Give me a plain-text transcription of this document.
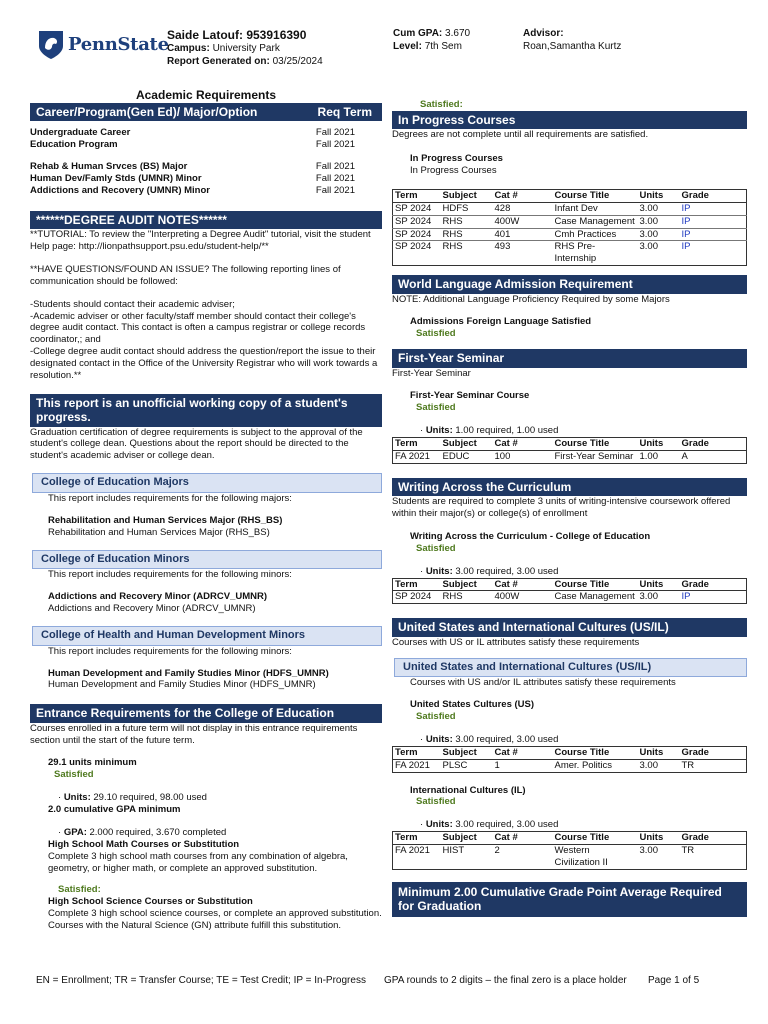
PennState
Saide Latouf: 953916390
Campus: University Park
Report Generated on: 03/25/2024
Cum GPA: 3.670
Level: 7th Sem
Advisor:
Roan,Samantha Kurtz
Academic Requirements
Career/Program(Gen Ed)/ Major/Option	Req Term
Undergraduate Career	Fall 2021
Education Program	Fall 2021
Rehab & Human Srvces (BS) Major	Fall 2021
Human Dev/Famly Stds (UMNR) Minor	Fall 2021
Addictions and Recovery (UMNR) Minor	Fall 2021
******DEGREE AUDIT NOTES******
**TUTORIAL: To review the "Interpreting a Degree Audit" tutorial, visit the student Help page: http://lionpathsupport.psu.edu/student-help/**
**HAVE QUESTIONS/FOUND AN ISSUE? The following reporting lines of communication should be followed:
-Students should contact their academic adviser;
-Academic adviser or other faculty/staff member should contact their college's degree audit contact. This contact is often a campus registrar or college records coordinator,; and
-College degree audit contact should address the question/report the issue to their designated contact in the Office of the University Registrar who will work towards a resolution.**
This report is an unofficial working copy of a student's progress.
Graduation certification of degree requirements is subject to the approval of the student's college dean. Questions about the report should be directed to the student's academic adviser or college dean.
College of Education Majors
This report includes requirements for the following majors:
Rehabilitation and Human Services Major (RHS_BS)
Rehabilitation and Human Services Major (RHS_BS)
College of Education Minors
This report includes requirements for the following minors:
Addictions and Recovery Minor (ADRCV_UMNR)
Addictions and Recovery Minor (ADRCV_UMNR)
College of Health and Human Development Minors
This report includes requirements for the following minors:
Human Development and Family Studies Minor (HDFS_UMNR)
Human Development and Family Studies Minor (HDFS_UMNR)
Entrance Requirements for the College of Education
Courses enrolled in a future term will not display in this entrance requirements section until the start of the future term.
29.1 units minimum
Satisfied
· Units: 29.10 required, 98.00 used
2.0 cumulative GPA minimum
· GPA: 2.000 required, 3.670 completed
High School Math Courses or Substitution
Complete 3 high school math courses from any combination of algebra, geometry, or higher math, or complete an approved substitution.
Satisfied:
High School Science Courses or Substitution
Complete 3 high school science courses, or complete an approved substitution. Courses with the Natural Science (GN) attribute fulfill this substitution.
Satisfied:
In Progress Courses
Degrees are not complete until all requirements are satisfied.
In Progress Courses
In Progress Courses
Term	Subject	Cat #	Course Title	Units	Grade
SP 2024	HDFS	428	Infant Dev	3.00	IP
SP 2024	RHS	400W	Case Management	3.00	IP
SP 2024	RHS	401	Cmh Practices	3.00	IP
SP 2024	RHS	493	RHS Pre-Internship	3.00	IP
World Language Admission Requirement
NOTE: Additional Language Proficiency Required by some Majors
Admissions Foreign Language Satisfied
Satisfied
First-Year Seminar
First-Year Seminar
First-Year Seminar Course
Satisfied
· Units: 1.00 required, 1.00 used
Term	Subject	Cat #	Course Title	Units	Grade
FA 2021	EDUC	100	First-Year Seminar	1.00	A
Writing Across the Curriculum
Students are required to complete 3 units of writing-intensive coursework offered within their major(s) or college(s) of enrollment
Writing Across the Curriculum - College of Education
Satisfied
· Units: 3.00 required, 3.00 used
Term	Subject	Cat #	Course Title	Units	Grade
SP 2024	RHS	400W	Case Management	3.00	IP
United States and International Cultures (US/IL)
Courses with US or IL attributes satisfy these requirements
United States and International Cultures (US/IL)
Courses with US and/or IL attributes satisfy these requirements
United States Cultures (US)
Satisfied
· Units: 3.00 required, 3.00 used
Term	Subject	Cat #	Course Title	Units	Grade
FA 2021	PLSC	1	Amer. Politics	3.00	TR
International Cultures (IL)
Satisfied
· Units: 3.00 required, 3.00 used
Term	Subject	Cat #	Course Title	Units	Grade
FA 2021	HIST	2	Western Civilization II	3.00	TR
Minimum 2.00 Cumulative Grade Point Average Required for Graduation
EN = Enrollment; TR = Transfer Course; TE = Test Credit; IP = In-Progress GPA rounds to 2 digits – the final zero is a place holder Page 1 of 5
